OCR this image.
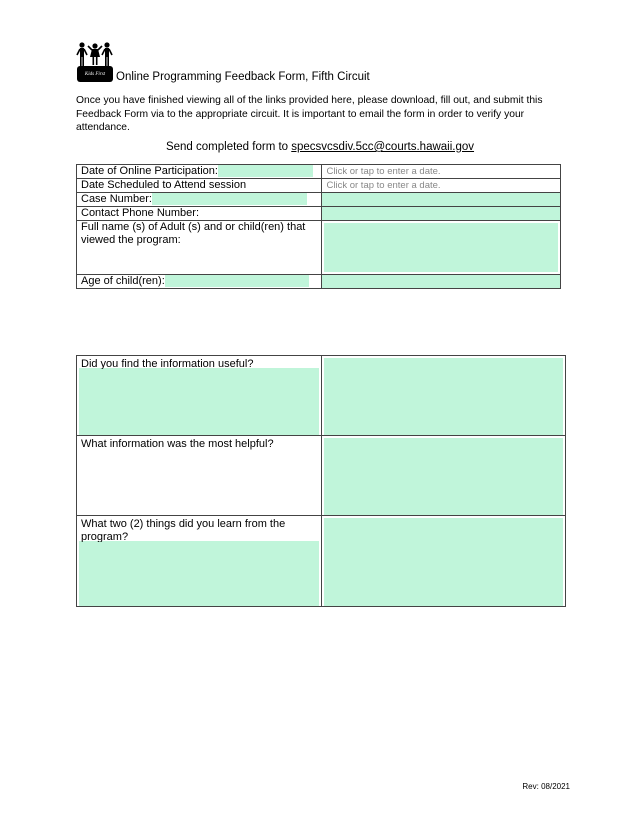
Kids First Online Programming Feedback Form, Fifth Circuit
Once you have finished viewing all of the links provided here, please download, fill out, and submit this Feedback Form via to the appropriate circuit. It is important to email the form in order to verify your attendance.
Send completed form to specsvcsdiv.5cc@courts.hawaii.gov
Date of Online Participation:	Click or tap to enter a date.

Date Scheduled to Attend session	Click or tap to enter a date.

Case Number:	

Contact Phone Number:	

Full name (s) of Adult (s) and or child(ren) that viewed the program:	

Age of child(ren):	

Did you find the information useful?	

What information was the most helpful?	

What two (2) things did you learn from the program?	

Rev: 08/2021
